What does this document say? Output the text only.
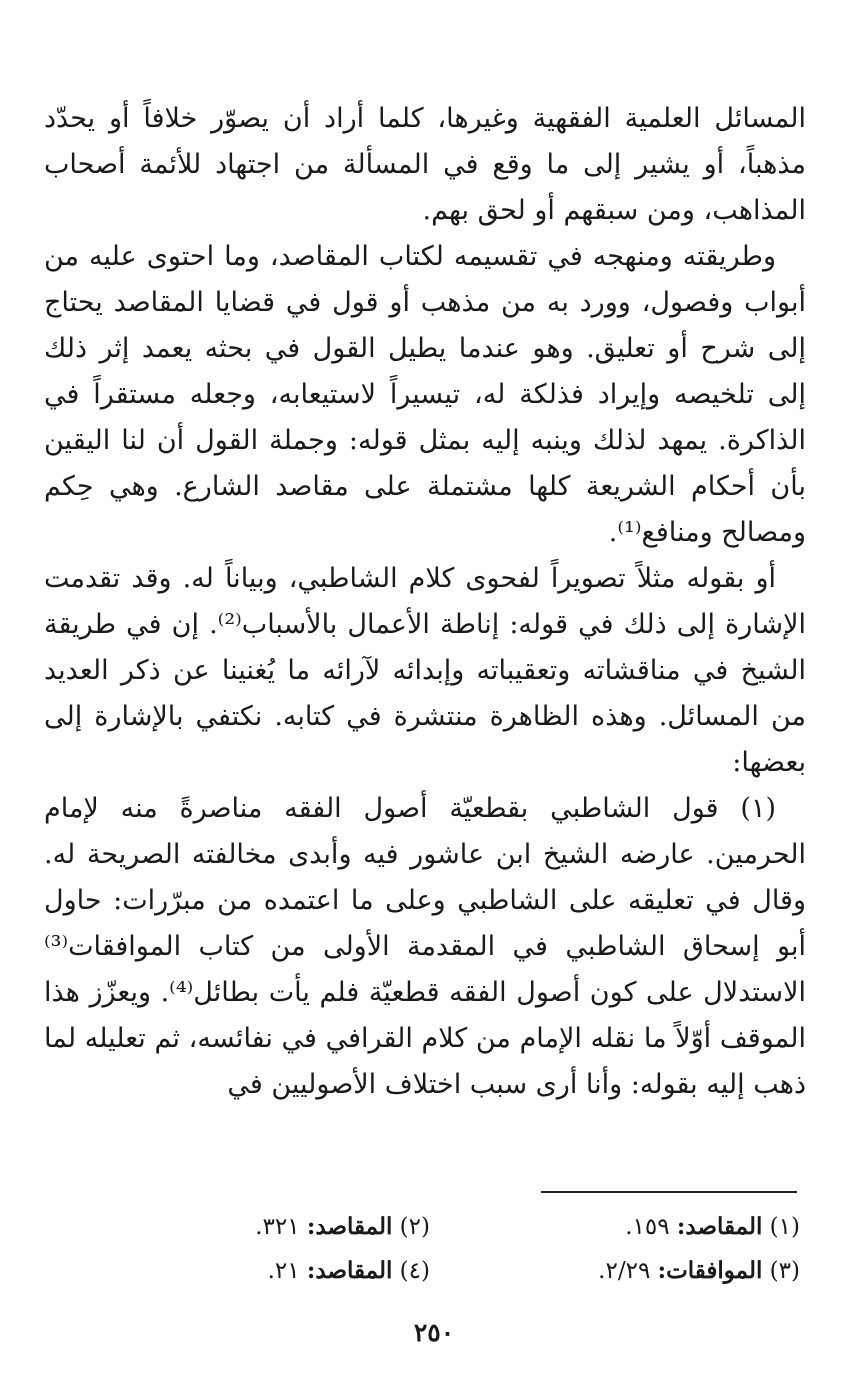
المسائل العلمية الفقهية وغيرها، كلما أراد أن يصوّر خلافاً أو يحدّد مذهباً، أو يشير إلى ما وقع في المسألة من اجتهاد للأئمة أصحاب المذاهب، ومن سبقهم أو لحق بهم.

وطريقته ومنهجه في تقسيمه لكتاب المقاصد، وما احتوى عليه من أبواب وفصول، وورد به من مذهب أو قول في قضايا المقاصد يحتاج إلى شرح أو تعليق. وهو عندما يطيل القول في بحثه يعمد إثر ذلك إلى تلخيصه وإيراد فذلكة له، تيسيراً لاستيعابه، وجعله مستقراً في الذاكرة. يمهد لذلك وينبه إليه بمثل قوله: وجملة القول أن لنا اليقين بأن أحكام الشريعة كلها مشتملة على مقاصد الشارع. وهي حِكم ومصالح ومنافع⁽¹⁾.

أو بقوله مثلاً تصويراً لفحوى كلام الشاطبي، وبياناً له. وقد تقدمت الإشارة إلى ذلك في قوله: إناطة الأعمال بالأسباب⁽²⁾. إن في طريقة الشيخ في مناقشاته وتعقيباته وإبدائه لآرائه ما يُغنينا عن ذكر العديد من المسائل. وهذه الظاهرة منتشرة في كتابه. نكتفي بالإشارة إلى بعضها:

(١) قول الشاطبي بقطعيّة أصول الفقه مناصرةً منه لإمام الحرمين. عارضه الشيخ ابن عاشور فيه وأبدى مخالفته الصريحة له. وقال في تعليقه على الشاطبي وعلى ما اعتمده من مبرّرات: حاول أبو إسحاق الشاطبي في المقدمة الأولى من كتاب الموافقات⁽³⁾ الاستدلال على كون أصول الفقه قطعيّة فلم يأت بطائل⁽⁴⁾. ويعزّز هذا الموقف أوّلاً ما نقله الإمام من كلام القرافي في نفائسه، ثم تعليله لما ذهب إليه بقوله: وأنا أرى سبب اختلاف الأصوليين في

(١) المقاصد: ١٥٩.
(٢) المقاصد: ٣٢١.
(٣) الموافقات: ٢/٢٩.
(٤) المقاصد: ٢١.
٢٥٠
